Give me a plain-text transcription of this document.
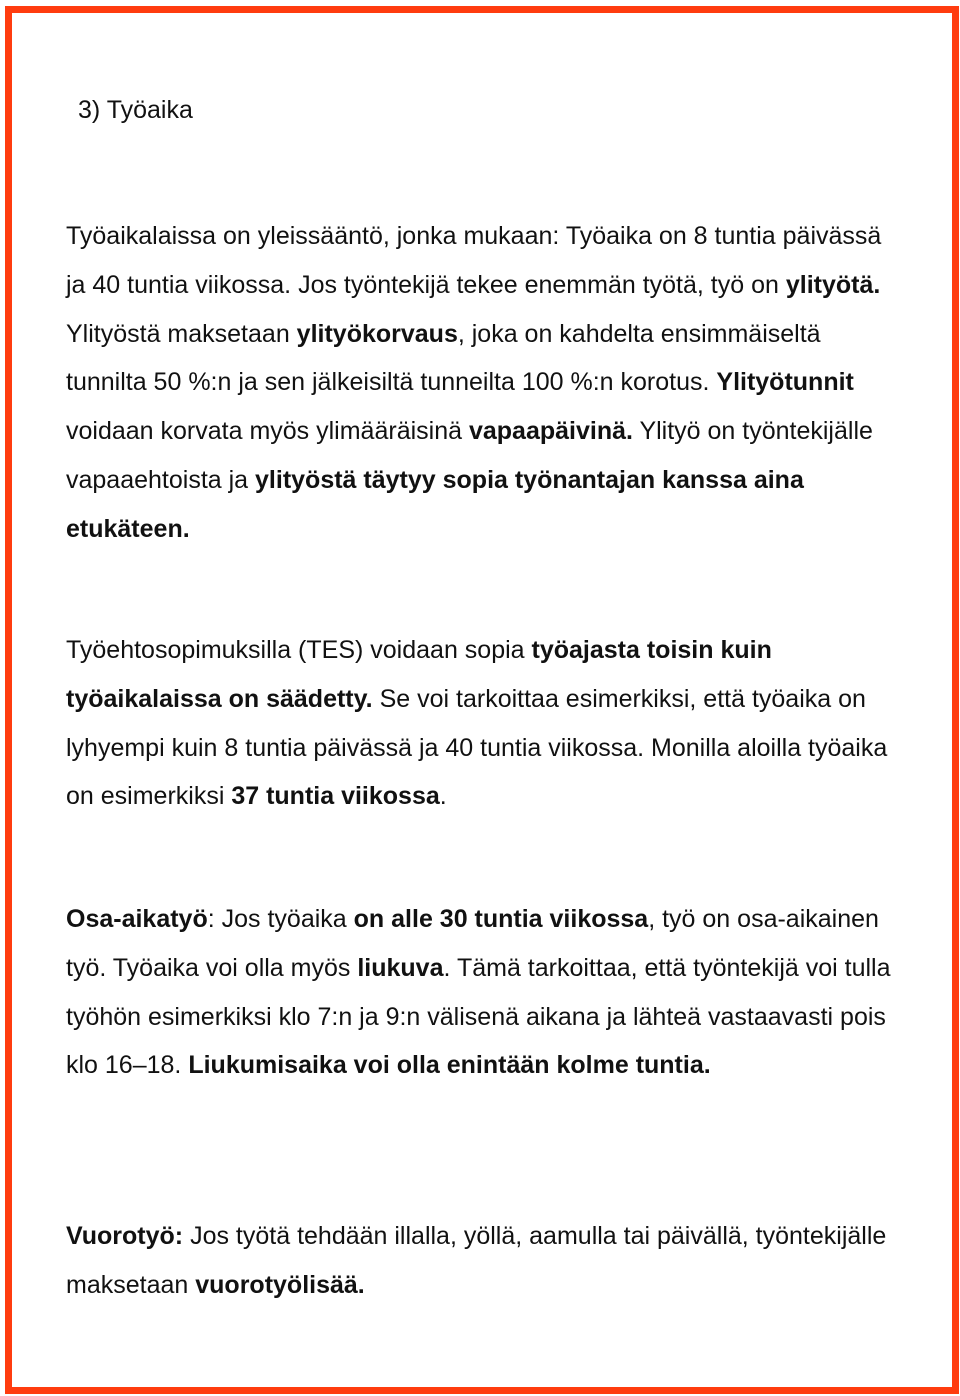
3) Työaika

Työaikalaissa on yleissääntö, jonka mukaan: Työaika on 8 tuntia päivässä ja 40 tuntia viikossa. Jos työntekijä tekee enemmän työtä, työ on ylityötä. Ylityöstä maksetaan ylityökorvaus, joka on kahdelta ensimmäiseltä tunnilta 50 %:n ja sen jälkeisiltä tunneilta 100 %:n korotus. Ylityötunnit voidaan korvata myös ylimääräisinä vapaapäivinä. Ylityö on työntekijälle vapaaehtoista ja ylityöstä täytyy sopia työnantajan kanssa aina etukäteen.

Työehtosopimuksilla (TES) voidaan sopia työajasta toisin kuin työaikalaissa on säädetty. Se voi tarkoittaa esimerkiksi, että työaika on lyhyempi kuin 8 tuntia päivässä ja 40 tuntia viikossa. Monilla aloilla työaika on esimerkiksi 37 tuntia viikossa.

Osa-aikatyö: Jos työaika on alle 30 tuntia viikossa, työ on osa-aikainen työ. Työaika voi olla myös liukuva. Tämä tarkoittaa, että työntekijä voi tulla työhön esimerkiksi klo 7:n ja 9:n välisenä aikana ja lähteä vastaavasti pois klo 16–18. Liukumisaika voi olla enintään kolme tuntia.

Vuorotyö: Jos työtä tehdään illalla, yöllä, aamulla tai päivällä, työntekijälle maksetaan vuorotyölisää.
